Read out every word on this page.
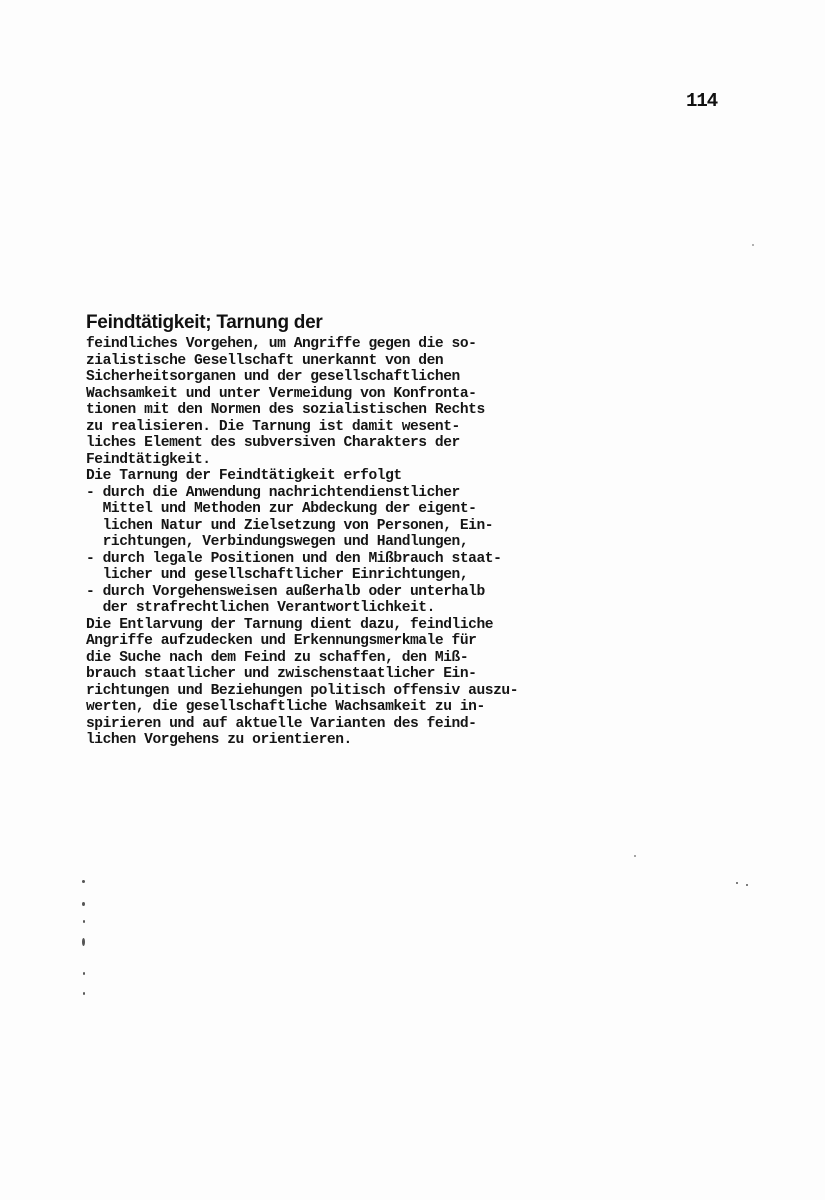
114
Feindtätigkeit; Tarnung der
feindliches Vorgehen, um Angriffe gegen die so-
zialistische Gesellschaft unerkannt von den
Sicherheitsorganen und der gesellschaftlichen
Wachsamkeit und unter Vermeidung von Konfronta-
tionen mit den Normen des sozialistischen Rechts
zu realisieren. Die Tarnung ist damit wesent-
liches Element des subversiven Charakters der
Feindtätigkeit.
Die Tarnung der Feindtätigkeit erfolgt
- durch die Anwendung nachrichtendienstlicher
Mittel und Methoden zur Abdeckung der eigent-
lichen Natur und Zielsetzung von Personen, Ein-
richtungen, Verbindungswegen und Handlungen,
- durch legale Positionen und den Mißbrauch staat-
licher und gesellschaftlicher Einrichtungen,
- durch Vorgehensweisen außerhalb oder unterhalb
der strafrechtlichen Verantwortlichkeit.
Die Entlarvung der Tarnung dient dazu, feindliche
Angriffe aufzudecken und Erkennungsmerkmale für
die Suche nach dem Feind zu schaffen, den Miß-
brauch staatlicher und zwischenstaatlicher Ein-
richtungen und Beziehungen politisch offensiv auszu-
werten, die gesellschaftliche Wachsamkeit zu in-
spirieren und auf aktuelle Varianten des feind-
lichen Vorgehens zu orientieren.
